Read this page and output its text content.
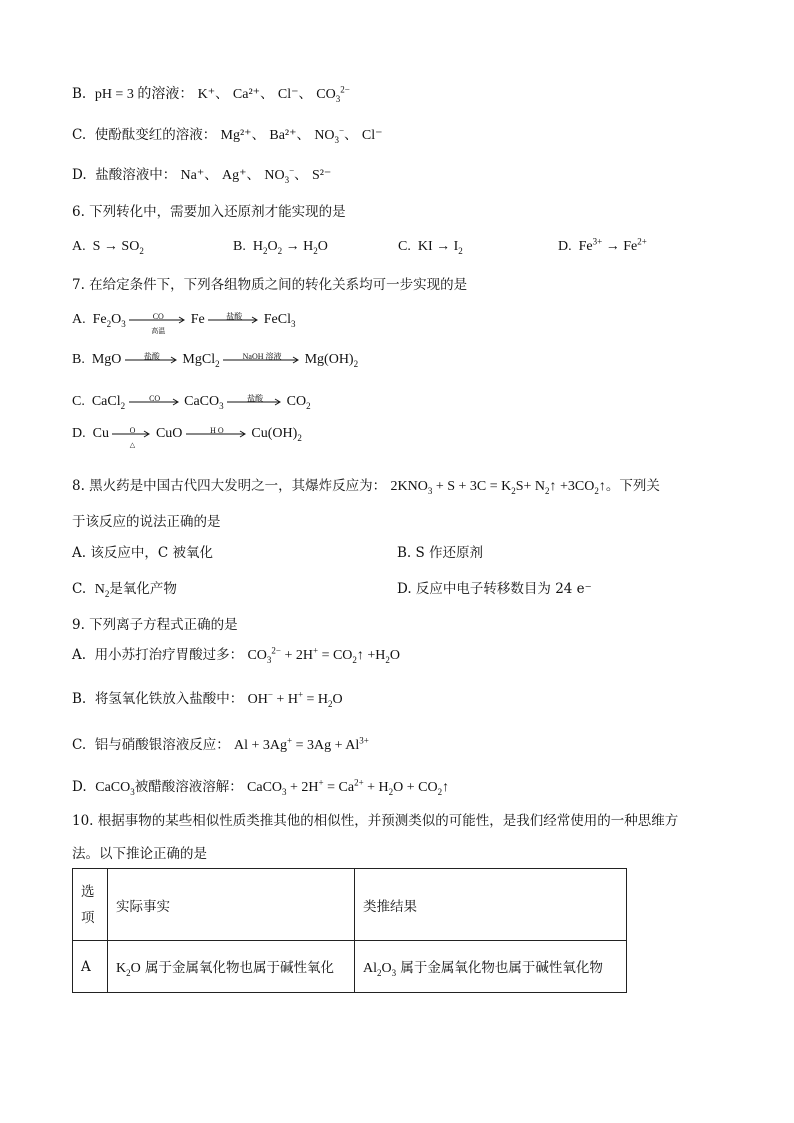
B. pH = 3 的溶液： K⁺、 Ca²⁺、 Cl⁻、 $CO_3^{2-}$
C. 使酚酞变红的溶液： Mg²⁺、 Ba²⁺、 $NO_3^-$、 Cl⁻
D. 盐酸溶液中： Na⁺、 Ag⁺、 $NO_3^-$、 S²⁻
6. 下列转化中，需要加入还原剂才能实现的是
A. $S \to SO_2$	B. $H_2O_2 \to H_2O$	C. KI → $I_2$	D. $Fe^{3+} \to Fe^{2+}$
7. 在给定条件下，下列各组物质之间的转化关系均可一步实现的是
A. $Fe_2O_3$
CO
高温
Fe	盐酸	FeCl$_3$
B. MgO	盐酸	MgCl$_2$
NaOH 溶液	$Mg(OH)_2$
C. CaCl$_2$
CO	CaCO$_3$
盐酸	$CO_2$
D. Cu	O
△
CuO	H O	$Cu(OH)_2$
8. 黑火药是中国古代四大发明之一，其爆炸反应为： $2KNO_3 + S + 3C = K_2S+$ $N_2↑$ $+3CO_2↑$。下列关
于该反应的说法正确的是
A. 该反应中，C 被氧化	B. S 作还原剂
C. $N_2$是氧化产物	D. 反应中电子转移数目为 24 e⁻
9. 下列离子方程式正确的是
A. 用小苏打治疗胃酸过多： $CO_3^{2-} + 2H^+$ = $CO_2↑ +H_2O$
B. 将氢氧化铁放入盐酸中： $OH^- + H^+ = H_2O$
C. 铝与硝酸银溶液反应： $Al + 3Ag^+ = 3Ag + Al^{3+}$
D. CaCO$_3$被醋酸溶液溶解： CaCO$_3$ + $2H^+ = Ca^{2+} + H_2O$ + $CO_2↑$
10. 根据事物的某些相似性质类推其他的相似性，并预测类似的可能性，是我们经常使用的一种思维方
法。以下推论正确的是
选
项	实际事实	类推结果
A	$K_2O$ 属于金属氧化物也属于碱性氧化	$Al_2O_3$ 属于金属氧化物也属于碱性氧化物
